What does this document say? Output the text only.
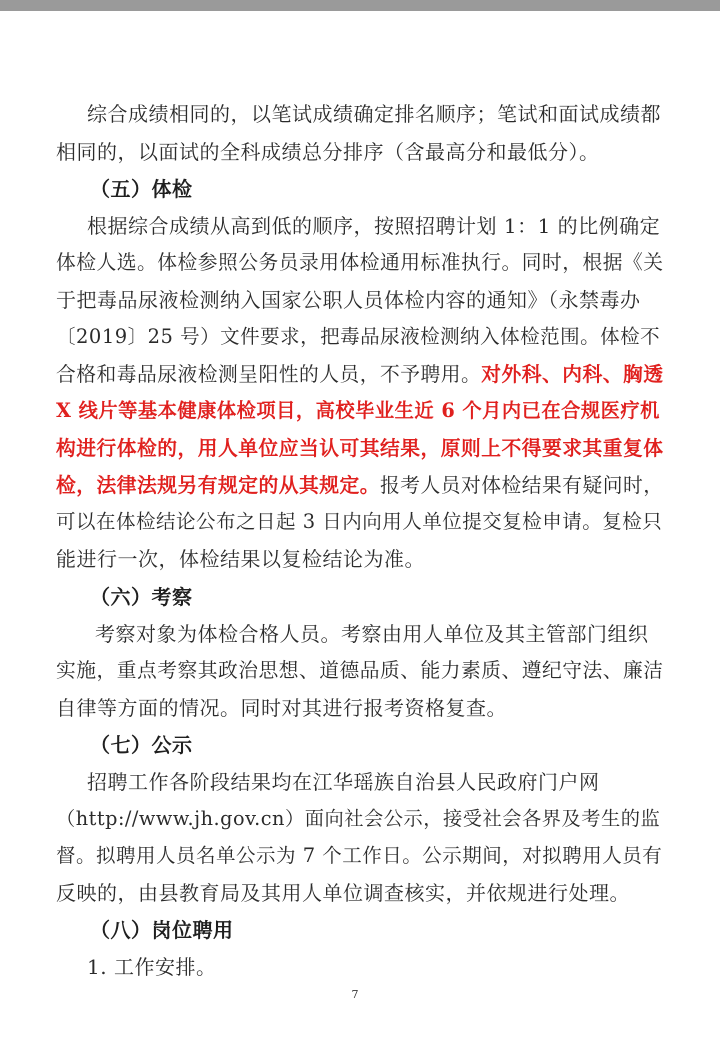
综合成绩相同的，以笔试成绩确定排名顺序；笔试和面试成绩都
相同的，以面试的全科成绩总分排序（含最高分和最低分）。
（五）体检
根据综合成绩从高到低的顺序，按照招聘计划 1：1 的比例确定
体检人选。体检参照公务员录用体检通用标准执行。同时，根据《关
于把毒品尿液检测纳入国家公职人员体检内容的通知》（永禁毒办
〔2019〕25 号）文件要求，把毒品尿液检测纳入体检范围。体检不
合格和毒品尿液检测呈阳性的人员，不予聘用。对外科、内科、胸透
X 线片等基本健康体检项目，高校毕业生近 6 个月内已在合规医疗机
构进行体检的，用人单位应当认可其结果，原则上不得要求其重复体
检，法律法规另有规定的从其规定。报考人员对体检结果有疑问时，
可以在体检结论公布之日起 3 日内向用人单位提交复检申请。复检只
能进行一次，体检结果以复检结论为准。
（六）考察
考察对象为体检合格人员。考察由用人单位及其主管部门组织
实施，重点考察其政治思想、道德品质、能力素质、遵纪守法、廉洁
自律等方面的情况。同时对其进行报考资格复查。
（七）公示
招聘工作各阶段结果均在江华瑶族自治县人民政府门户网
（http://www.jh.gov.cn）面向社会公示，接受社会各界及考生的监
督。拟聘用人员名单公示为 7 个工作日。公示期间，对拟聘用人员有
反映的，由县教育局及其用人单位调查核实，并依规进行处理。
（八）岗位聘用
1. 工作安排。
7
